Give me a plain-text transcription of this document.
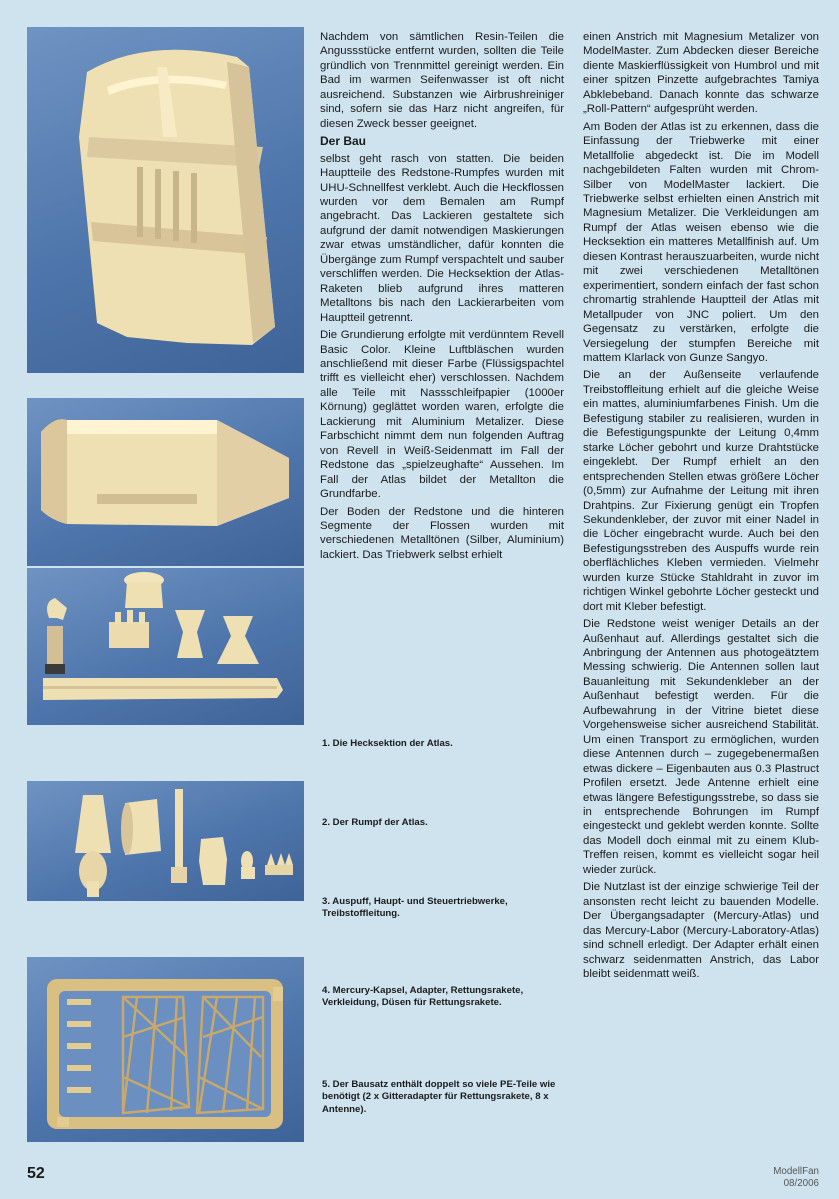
Nachdem von sämtlichen Resin-Teilen die Angussstücke entfernt wurden, sollten die Teile gründlich von Trennmittel gereinigt werden. Ein Bad im warmen Seifenwasser ist oft nicht ausreichend. Substanzen wie Airbrushreiniger sind, sofern sie das Harz nicht angreifen, für diesen Zweck besser geeignet.

Der Bau

selbst geht rasch von statten. Die beiden Hauptteile des Redstone-Rumpfes wurden mit UHU-Schnellfest verklebt. Auch die Heckflossen wurden vor dem Bemalen am Rumpf angebracht. Das Lackieren gestaltete sich aufgrund der damit notwendigen Maskierungen zwar etwas umständlicher, dafür konnten die Übergänge zum Rumpf verspachtelt und sauber verschliffen werden. Die Hecksektion der Atlas-Raketen blieb aufgrund ihres matteren Metalltons bis nach den Lackierarbeiten vom Hauptteil getrennt.

Die Grundierung erfolgte mit verdünntem Revell Basic Color. Kleine Luftbläschen wurden anschließend mit dieser Farbe (Flüssigspachtel trifft es vielleicht eher) verschlossen. Nachdem alle Teile mit Nassschleifpapier (1000er Körnung) geglättet worden waren, erfolgte die Lackierung mit Aluminium Metalizer. Diese Farbschicht nimmt dem nun folgenden Auftrag von Revell in Weiß-Seidenmatt im Fall der Redstone das „spielzeughafte“ Aussehen. Im Fall der Atlas bildet der Metallton die Grundfarbe.

Der Boden der Redstone und die hinteren Segmente der Flossen wurden mit verschiedenen Metalltönen (Silber, Aluminium) lackiert. Das Triebwerk selbst erhielt

1. Die Hecksektion der Atlas.
2. Der Rumpf der Atlas.
3. Auspuff, Haupt- und Steuertriebwerke, Treibstoffleitung.
4. Mercury-Kapsel, Adapter, Rettungsrakete, Verkleidung, Düsen für Rettungsrakete.
5. Der Bausatz enthält doppelt so viele PE-Teile wie benötigt (2 x Gitteradapter für Rettungsrakete, 8 x Antenne).

einen Anstrich mit Magnesium Metalizer von ModelMaster. Zum Abdecken dieser Bereiche diente Maskierflüssigkeit von Humbrol und mit einer spitzen Pinzette aufgebrachtes Tamiya Abklebeband. Danach konnte das schwarze „Roll-Pattern“ aufgesprüht werden.

Am Boden der Atlas ist zu erkennen, dass die Einfassung der Triebwerke mit einer Metallfolie abgedeckt ist. Die im Modell nachgebildeten Falten wurden mit Chrom-Silber von ModelMaster lackiert. Die Triebwerke selbst erhielten einen Anstrich mit Magnesium Metalizer. Die Verkleidungen am Rumpf der Atlas weisen ebenso wie die Hecksektion ein matteres Metallfinish auf. Um diesen Kontrast herauszuarbeiten, wurde nicht mit zwei verschiedenen Metalltönen experimentiert, sondern einfach der fast schon chromartig strahlende Hauptteil der Atlas mit Metallpuder von JNC poliert. Um den Gegensatz zu verstärken, erfolgte die Versiegelung der stumpfen Bereiche mit mattem Klarlack von Gunze Sangyo.

Die an der Außenseite verlaufende Treibstoffleitung erhielt auf die gleiche Weise ein mattes, aluminiumfarbenes Finish. Um die Befestigung stabiler zu realisieren, wurden in die Befestigungspunkte der Leitung 0,4mm starke Löcher gebohrt und kurze Drahtstücke eingeklebt. Der Rumpf erhielt an den entsprechenden Stellen etwas größere Löcher (0,5mm) zur Aufnahme der Leitung mit ihren Drahtpins. Zur Fixierung genügt ein Tropfen Sekundenkleber, der zuvor mit einer Nadel in die Löcher eingebracht wurde. Auch bei den Befestigungsstreben des Auspuffs wurde rein oberflächliches Kleben vermieden. Vielmehr wurden kurze Stücke Stahldraht in zuvor im richtigen Winkel gebohrte Löcher gesteckt und dort mit Kleber befestigt.

Die Redstone weist weniger Details an der Außenhaut auf. Allerdings gestaltet sich die Anbringung der Antennen aus photogeätztem Messing schwierig. Die Antennen sollen laut Bauanleitung mit Sekundenkleber an der Außenhaut befestigt werden. Für die Aufbewahrung in der Vitrine bietet diese Vorgehensweise sicher ausreichend Stabilität. Um einen Transport zu ermöglichen, wurden diese Antennen durch – zugegebenermaßen etwas dickere – Eigenbauten aus 0.3 Plastruct Profilen ersetzt. Jede Antenne erhielt eine etwas längere Befestigungsstrebe, so dass sie in entsprechende Bohrungen im Rumpf eingesteckt und geklebt werden konnte. Sollte das Modell doch einmal mit zu einem Klub-Treffen reisen, kommt es vielleicht sogar heil wieder zurück.

Die Nutzlast ist der einzige schwierige Teil der ansonsten recht leicht zu bauenden Modelle. Der Übergangsadapter (Mercury-Atlas) und das Mercury-Labor (Mercury-Laboratory-Atlas) sind schnell erledigt. Der Adapter erhält einen schwarz seidenmatten Anstrich, das Labor bleibt seidenmatt weiß.

52	ModellFan
08/2006
